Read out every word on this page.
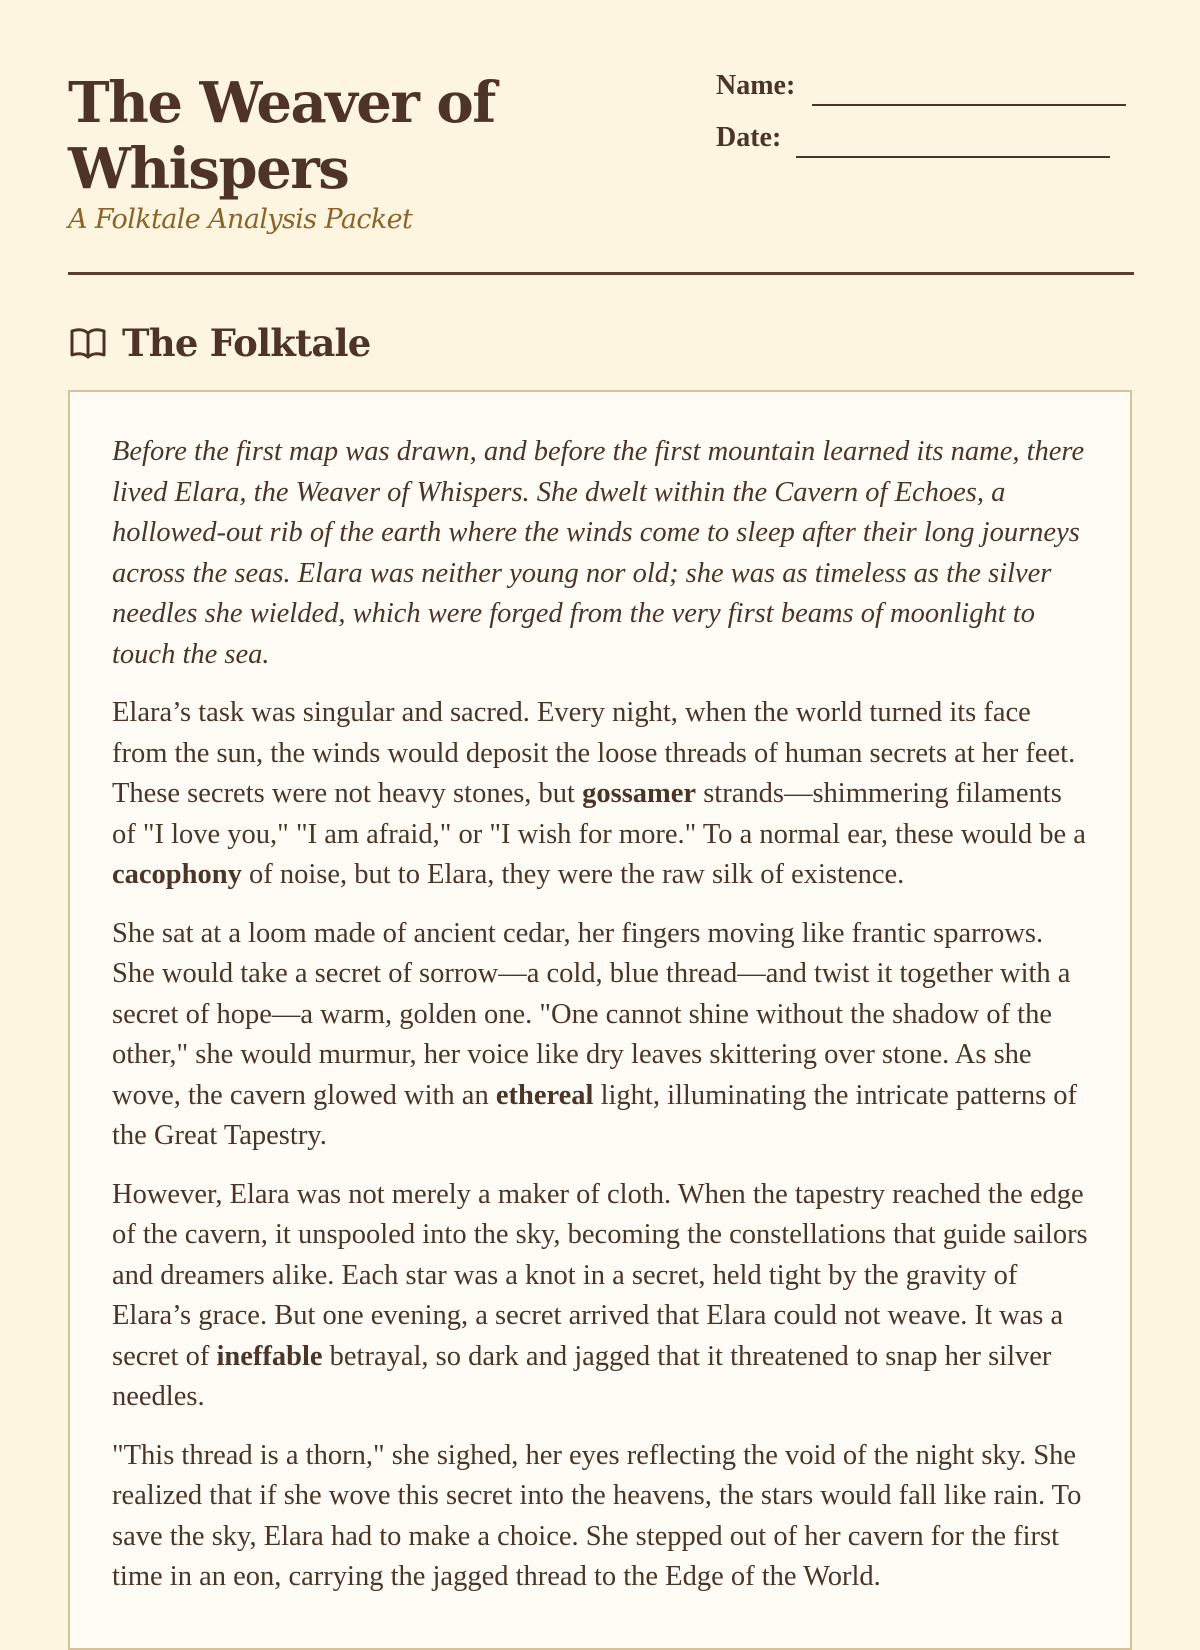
The Weaver of Whispers
A Folktale Analysis Packet
Name:
Date:
The Folktale

Before the first map was drawn, and before the first mountain learned its name, there lived Elara, the Weaver of Whispers. She dwelt within the Cavern of Echoes, a hollowed-out rib of the earth where the winds come to sleep after their long journeys across the seas. Elara was neither young nor old; she was as timeless as the silver needles she wielded, which were forged from the very first beams of moonlight to touch the sea.

Elara’s task was singular and sacred. Every night, when the world turned its face from the sun, the winds would deposit the loose threads of human secrets at her feet. These secrets were not heavy stones, but gossamer strands—shimmering filaments of "I love you," "I am afraid," or "I wish for more." To a normal ear, these would be a cacophony of noise, but to Elara, they were the raw silk of existence.

She sat at a loom made of ancient cedar, her fingers moving like frantic sparrows. She would take a secret of sorrow—a cold, blue thread—and twist it together with a secret of hope—a warm, golden one. "One cannot shine without the shadow of the other," she would murmur, her voice like dry leaves skittering over stone. As she wove, the cavern glowed with an ethereal light, illuminating the intricate patterns of the Great Tapestry.

However, Elara was not merely a maker of cloth. When the tapestry reached the edge of the cavern, it unspooled into the sky, becoming the constellations that guide sailors and dreamers alike. Each star was a knot in a secret, held tight by the gravity of Elara’s grace. But one evening, a secret arrived that Elara could not weave. It was a secret of ineffable betrayal, so dark and jagged that it threatened to snap her silver needles.

"This thread is a thorn," she sighed, her eyes reflecting the void of the night sky. She realized that if she wove this secret into the heavens, the stars would fall like rain. To save the sky, Elara had to make a choice. She stepped out of her cavern for the first time in an eon, carrying the jagged thread to the Edge of the World.
